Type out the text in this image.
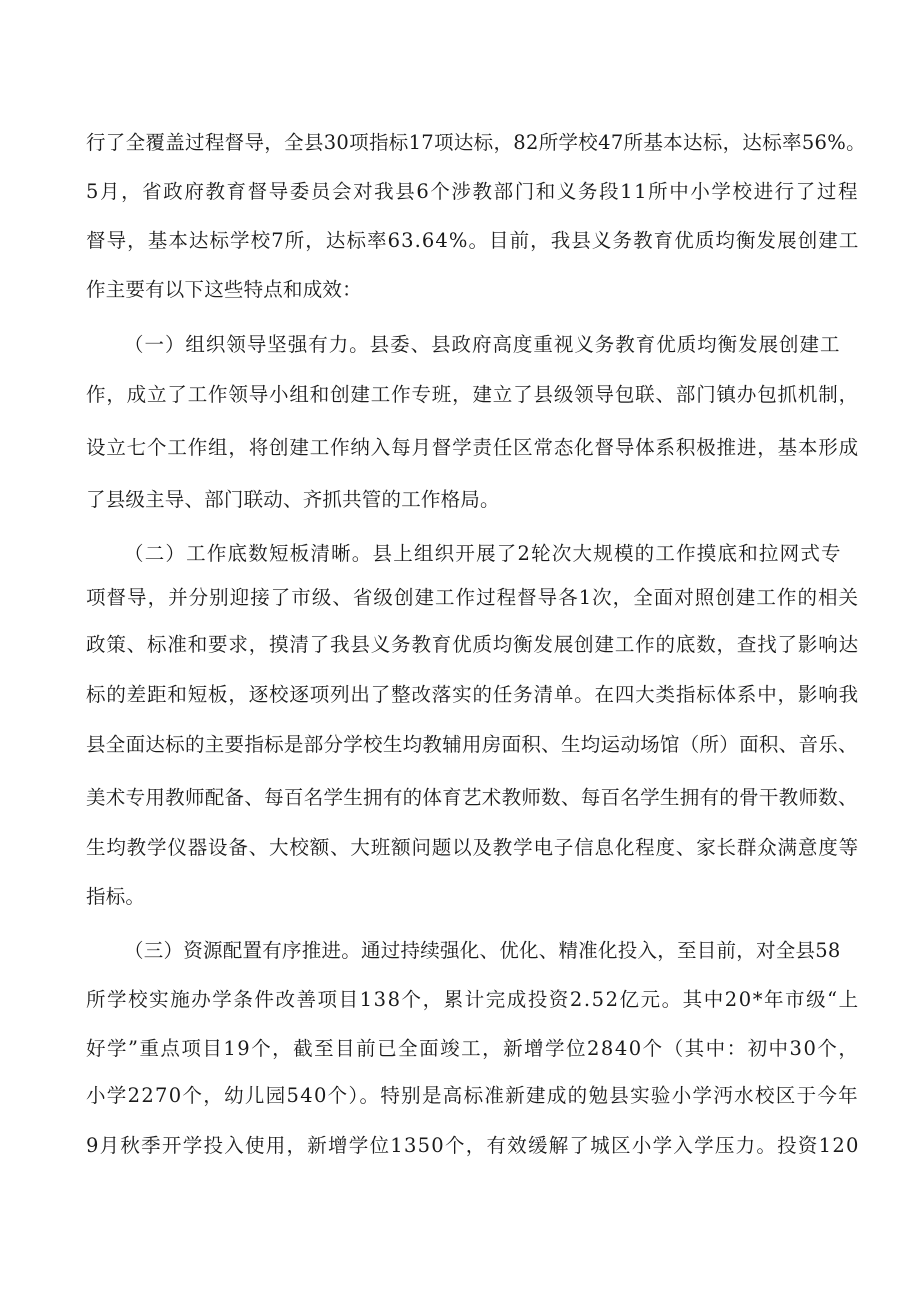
行了全覆盖过程督导，全县30项指标17项达标，82所学校47所基本达标，达标率56%。
5月，省政府教育督导委员会对我县6个涉教部门和义务段11所中小学校进行了过程
督导，基本达标学校7所，达标率63.64%。目前，我县义务教育优质均衡发展创建工
作主要有以下这些特点和成效：
（一）组织领导坚强有力。县委、县政府高度重视义务教育优质均衡发展创建工
作，成立了工作领导小组和创建工作专班，建立了县级领导包联、部门镇办包抓机制，
设立七个工作组，将创建工作纳入每月督学责任区常态化督导体系积极推进，基本形成
了县级主导、部门联动、齐抓共管的工作格局。
（二）工作底数短板清晰。县上组织开展了2轮次大规模的工作摸底和拉网式专
项督导，并分别迎接了市级、省级创建工作过程督导各1次，全面对照创建工作的相关
政策、标准和要求，摸清了我县义务教育优质均衡发展创建工作的底数，查找了影响达
标的差距和短板，逐校逐项列出了整改落实的任务清单。在四大类指标体系中，影响我
县全面达标的主要指标是部分学校生均教辅用房面积、生均运动场馆（所）面积、音乐、
美术专用教师配备、每百名学生拥有的体育艺术教师数、每百名学生拥有的骨干教师数、
生均教学仪器设备、大校额、大班额问题以及教学电子信息化程度、家长群众满意度等
指标。
（三）资源配置有序推进。通过持续强化、优化、精准化投入，至目前，对全县58
所学校实施办学条件改善项目138个，累计完成投资2.52亿元。其中20*年市级“上
好学”重点项目19个，截至目前已全面竣工，新增学位2840个（其中：初中30个，
小学2270个，幼儿园540个）。特别是高标准新建成的勉县实验小学沔水校区于今年
9月秋季开学投入使用，新增学位1350个，有效缓解了城区小学入学压力。投资120
